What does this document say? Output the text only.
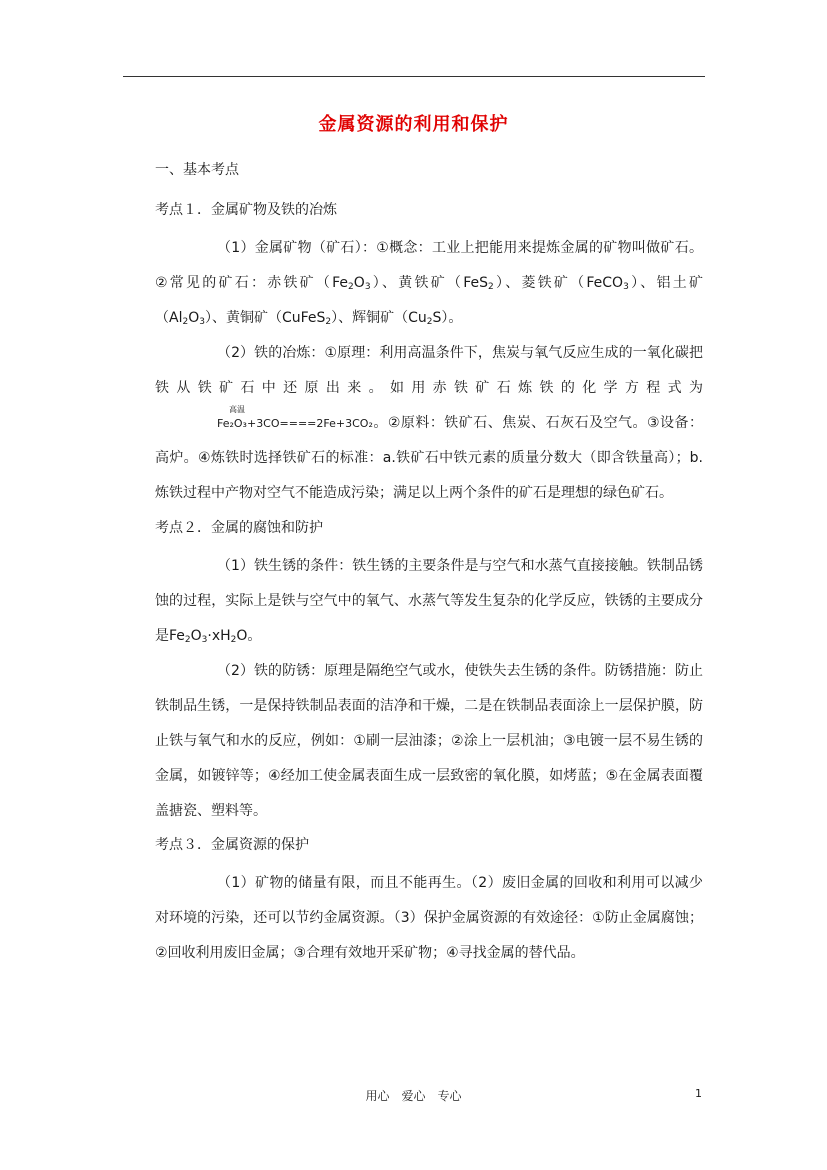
金属资源的利用和保护
一、基本考点
考点１．金属矿物及铁的冶炼
（1）金属矿物（矿石）：①概念：工业上把能用来提炼金属的矿物叫做矿石。②常见的矿石：赤铁矿$(Fe_2O_3)$、黄铁矿（FeS$_2$）、菱铁矿（FeCO$_3$）、铝土矿$(Al_2O_3)$、黄铜矿（CuFeS$_2$）、辉铜矿$(Cu_2S)$。
（2）铁的冶炼：①原理：利用高温条件下，焦炭与氧气反应生成的一氧化碳把铁从铁矿石中还原出来。如用赤铁矿石炼铁的化学方程式为Fe₂O₃+3CO
高温
====2Fe+3CO₂。②原料：铁矿石、焦炭、石灰石及空气。③设备：高炉。④炼铁时选择铁矿石的标准：a.铁矿石中铁元素的质量分数大（即含铁量高）；b.炼铁过程中产物对空气不能造成污染；满足以上两个条件的矿石是理想的绿色矿石。
考点２．金属的腐蚀和防护
（1）铁生锈的条件：铁生锈的主要条件是与空气和水蒸气直接接触。铁制品锈蚀的过程，实际上是铁与空气中的氧气、水蒸气等发生复杂的化学反应，铁锈的主要成分是$Fe_2O_3\cdot xH_2O$。
（2）铁的防锈：原理是隔绝空气或水，使铁失去生锈的条件。防锈措施：防止铁制品生锈，一是保持铁制品表面的洁净和干燥，二是在铁制品表面涂上一层保护膜，防止铁与氧气和水的反应，例如：①刷一层油漆；②涂上一层机油；③电镀一层不易生锈的金属，如镀锌等；④经加工使金属表面生成一层致密的氧化膜，如烤蓝；⑤在金属表面覆盖搪瓷、塑料等。
考点３．金属资源的保护
（1）矿物的储量有限，而且不能再生。（2）废旧金属的回收和利用可以减少对环境的污染，还可以节约金属资源。（3）保护金属资源的有效途径：①防止金属腐蚀；②回收利用废旧金属；③合理有效地开采矿物；④寻找金属的替代品。
用心 爱心 专心	1
